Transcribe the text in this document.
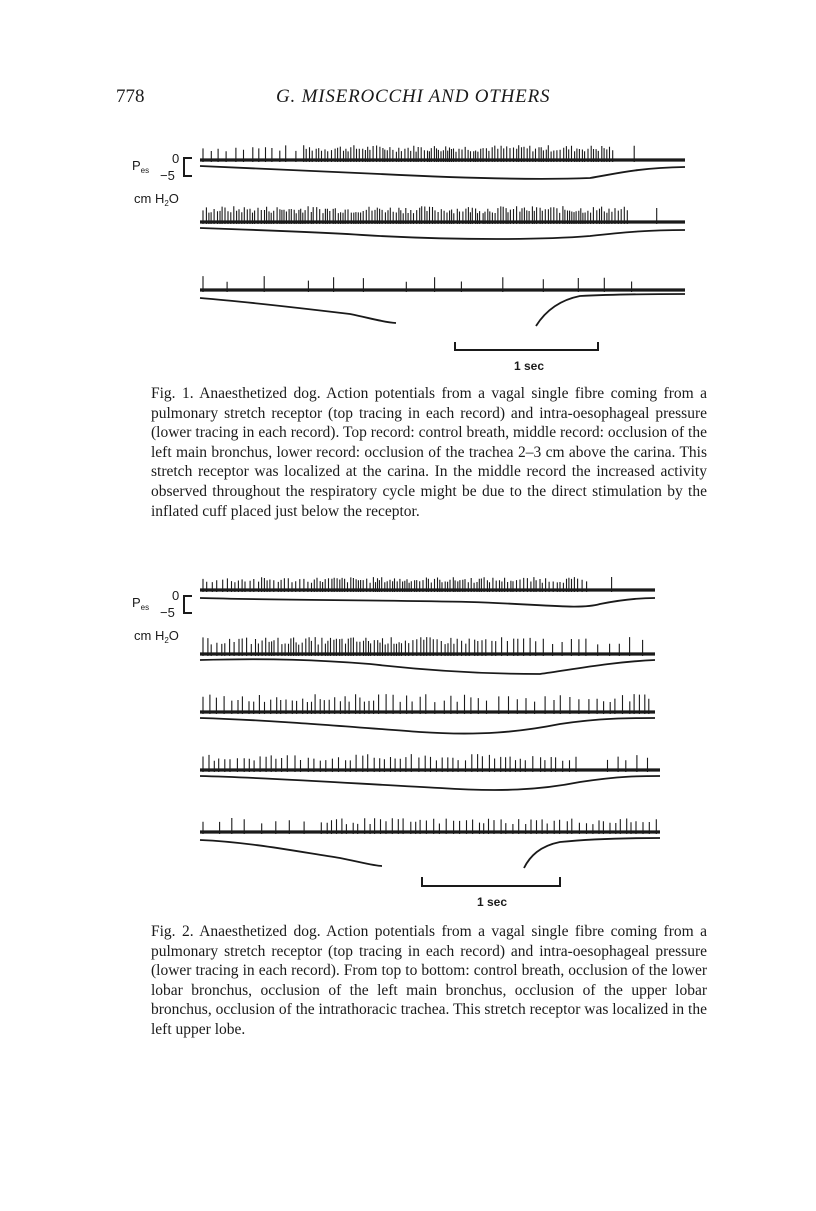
778	G. MISEROCCHI AND OTHERS
$P_{es}$
0
−5
cm $H_2O$
1 sec
Fig. 1. Anaesthetized dog. Action potentials from a vagal single fibre coming from a pulmonary stretch receptor (top tracing in each record) and intra-oesophageal pressure (lower tracing in each record). Top record: control breath, middle record: occlusion of the left main bronchus, lower record: occlusion of the trachea 2–3 cm above the carina. This stretch receptor was localized at the carina. In the middle record the increased activity observed throughout the respiratory cycle might be due to the direct stimulation by the inflated cuff placed just below the receptor.
$P_{es}$
0
−5
cm $H_2O$
1 sec
Fig. 2. Anaesthetized dog. Action potentials from a vagal single fibre coming from a pulmonary stretch receptor (top tracing in each record) and intra-oesophageal pressure (lower tracing in each record). From top to bottom: control breath, occlusion of the lower lobar bronchus, occlusion of the left main bronchus, occlusion of the upper lobar bronchus, occlusion of the intrathoracic trachea. This stretch receptor was localized in the left upper lobe.
